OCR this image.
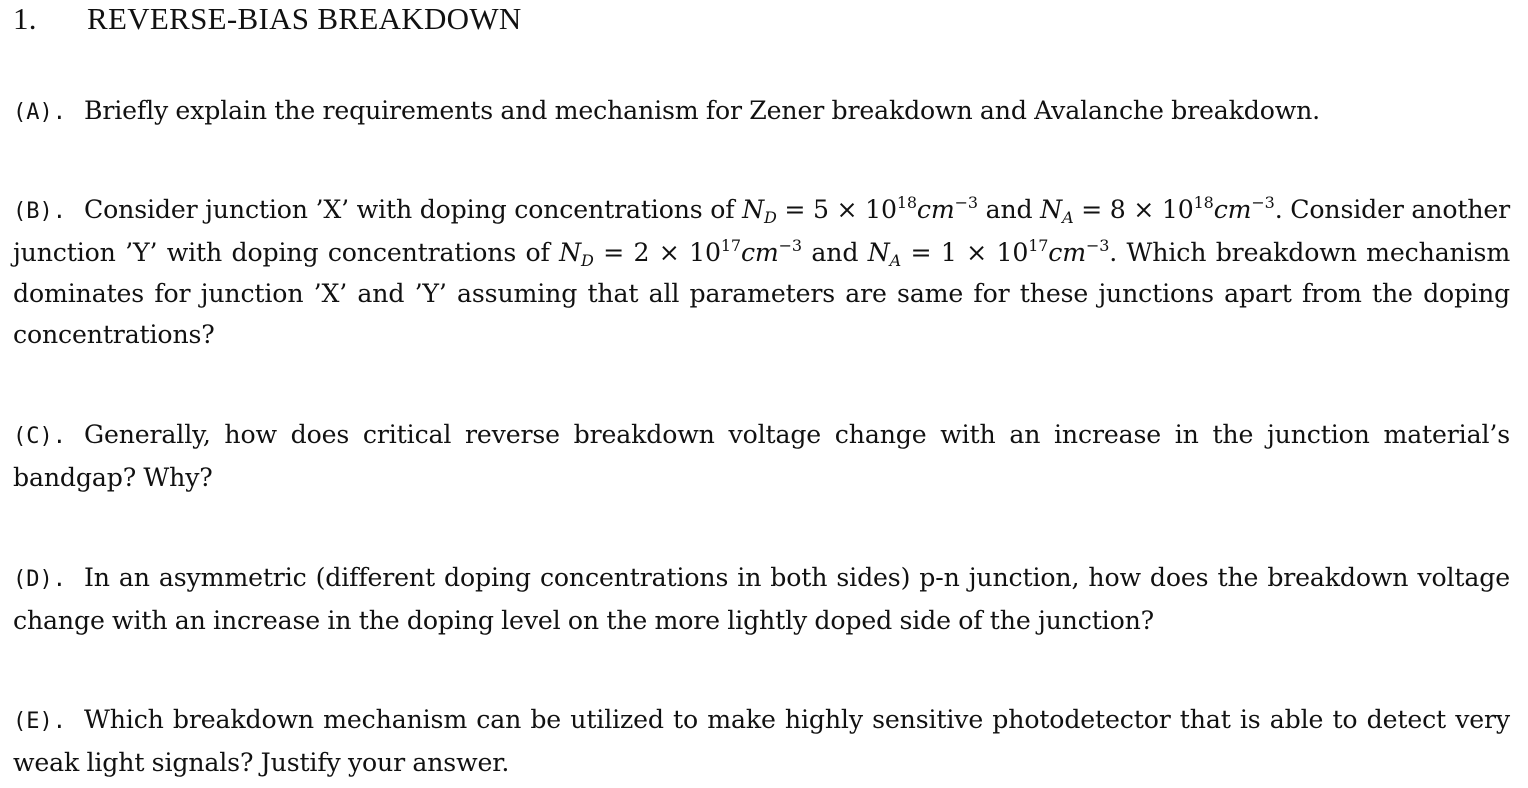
1. REVERSE-BIAS BREAKDOWN
(A). Briefly explain the requirements and mechanism for Zener breakdown and Avalanche breakdown.
(B). Consider junction ’X’ with doping concentrations of $N_D = 5 \times 10^{18}cm^{-3}$ and $N_A = 8 \times 10^{18}cm^{-3}$. Consider another junction ’Y’ with doping concentrations of $N_D = 2 \times 10^{17}cm^{-3}$ and $N_A = 1 \times 10^{17}cm^{-3}$. Which breakdown mechanism dominates for junction ’X’ and ’Y’ assuming that all parameters are same for these junctions apart from the doping concentrations?
(C). Generally, how does critical reverse breakdown voltage change with an increase in the junction material’s bandgap? Why?
(D). In an asymmetric (different doping concentrations in both sides) p-n junction, how does the breakdown voltage change with an increase in the doping level on the more lightly doped side of the junction?
(E). Which breakdown mechanism can be utilized to make highly sensitive photodetector that is able to detect very weak light signals? Justify your answer.
